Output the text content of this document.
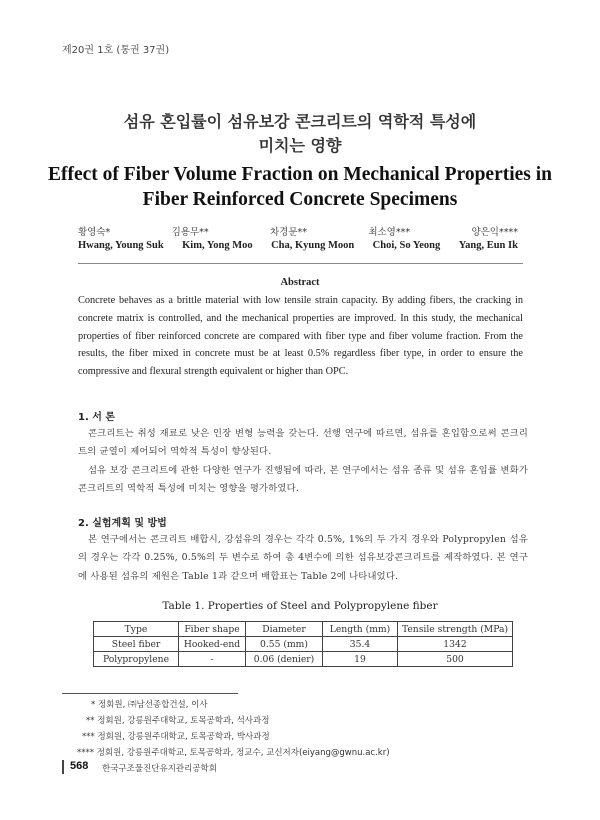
제20권 1호 (통권 37권)
섬유 혼입률이 섬유보강 콘크리트의 역학적 특성에
미치는 영향
Effect of Fiber Volume Fraction on Mechanical Properties in
Fiber Reinforced Concrete Specimens
황영숙*	김용무**	차경문**	최소영***	양은익****
Hwang, Young Suk Kim, Yong Moo Cha, Kyung Moon Choi, So Yeong Yang, Eun Ik
Abstract
Concrete behaves as a brittle material with low tensile strain capacity. By adding fibers, the cracking in concrete matrix is controlled, and the mechanical properties are improved. In this study, the mechanical properties of fiber reinforced concrete are compared with fiber type and fiber volume fraction. From the results, the fiber mixed in concrete must be at least 0.5% regardless fiber type, in order to ensure the compressive and flexural strength equivalent or higher than OPC.
1. 서 론

콘크리트는 취성 재료로 낮은 인장 변형 능력을 갖는다. 선행 연구에 따르면, 섬유를 혼입함으로써 콘크리트의 균열이 제어되어 역학적 특성이 향상된다.

섬유 보강 콘크리트에 관한 다양한 연구가 진행됨에 따라, 본 연구에서는 섬유 종류 및 섬유 혼입률 변화가 콘크리트의 역학적 특성에 미치는 영향을 평가하였다.

2. 실험계획 및 방법

본 연구에서는 콘크리트 배합시, 강섬유의 경우는 각각 0.5%, 1%의 두 가지 경우와 Polypropylen 섬유의 경우는 각각 0.25%, 0.5%의 두 변수로 하여 총 4변수에 의한 섬유보강콘크리트를 제작하였다. 본 연구에 사용된 섬유의 제원은 Table 1과 같으며 배합표는 Table 2에 나타내었다.

Table 1. Properties of Steel and Polypropylene fiber
Type	Fiber shape	Diameter	Length (mm)	Tensile strength (MPa)
Steel fiber	Hooked-end	0.55 (mm)	35.4	1342
Polypropylene	-	0.06 (denier)	19	500
* 정회원, ㈜남선종합건설, 이사
** 정회원, 강릉원주대학교, 토목공학과, 석사과정
*** 정회원, 강릉원주대학교, 토목공학과, 박사과정
**** 정회원, 강릉원주대학교, 토목공학과, 정교수, 교신저자(eiyang@gwnu.ac.kr)
568 한국구조물진단유지관리공학회
